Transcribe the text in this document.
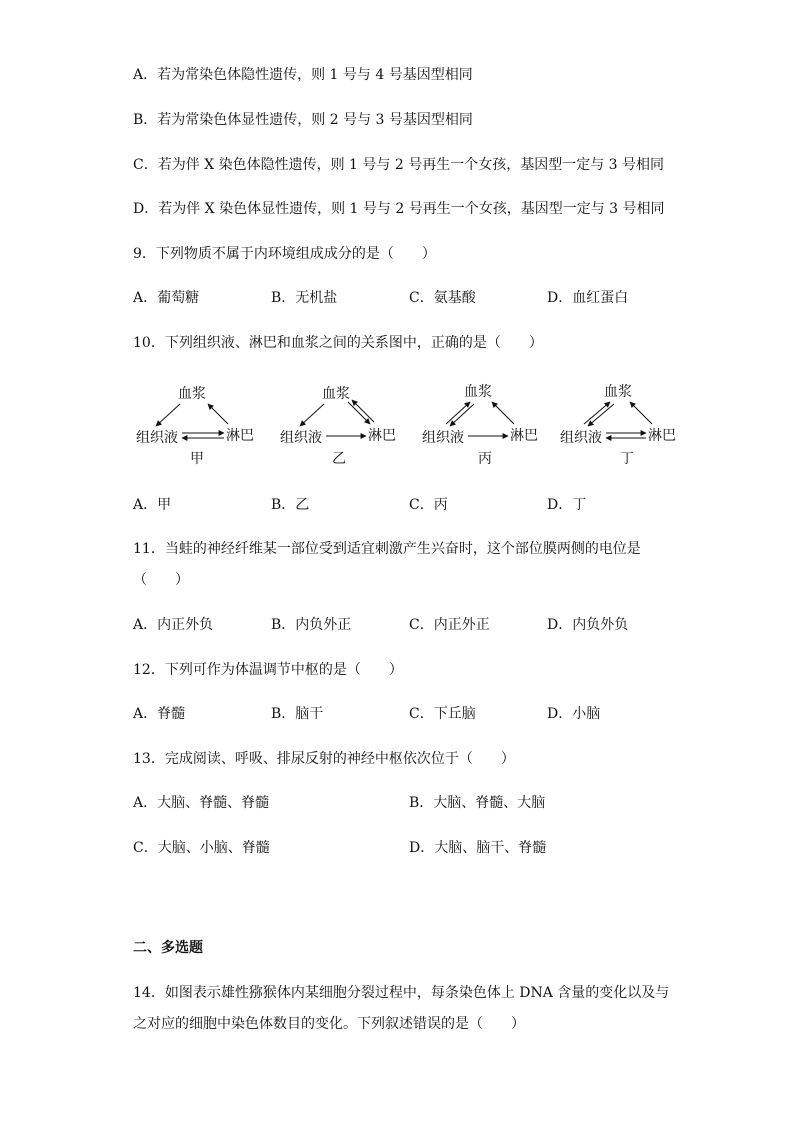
A．若为常染色体隐性遗传，则 1 号与 4 号基因型相同
B．若为常染色体显性遗传，则 2 号与 3 号基因型相同
C．若为伴 X 染色体隐性遗传，则 1 号与 2 号再生一个女孩，基因型一定与 3 号相同
D．若为伴 X 染色体显性遗传，则 1 号与 2 号再生一个女孩，基因型一定与 3 号相同
9．下列物质不属于内环境组成成分的是（　　）
A．葡萄糖	B．无机盐	C．氨基酸	D．血红蛋白
10．下列组织液、淋巴和血浆之间的关系图中，正确的是（　　）
血浆
组织液	淋巴
甲
血浆
组织液	淋巴
乙
血浆
组织液	淋巴
丙
血浆
组织液	淋巴
丁
A．甲	B．乙	C．丙	D．丁
11．当蛙的神经纤维某一部位受到适宜刺激产生兴奋时，这个部位膜两侧的电位是
（　　）
A．内正外负	B．内负外正	C．内正外正	D．内负外负
12．下列可作为体温调节中枢的是（　　）
A．脊髓	B．脑干	C．下丘脑	D．小脑
13．完成阅读、呼吸、排尿反射的神经中枢依次位于（　　）
A．大脑、脊髓、脊髓	B．大脑、脊髓、大脑
C．大脑、小脑、脊髓	D．大脑、脑干、脊髓
二、多选题
14．如图表示雄性猕猴体内某细胞分裂过程中，每条染色体上 DNA 含量的变化以及与
之对应的细胞中染色体数目的变化。下列叙述错误的是（　　）
